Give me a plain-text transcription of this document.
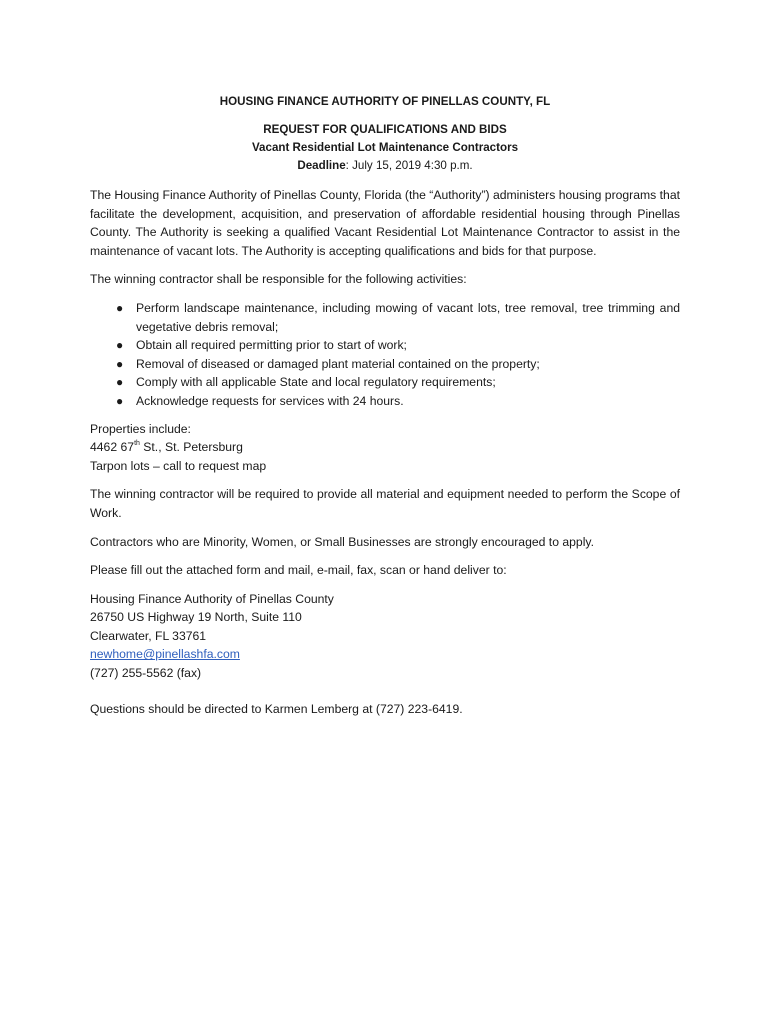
HOUSING FINANCE AUTHORITY OF PINELLAS COUNTY, FL

REQUEST FOR QUALIFICATIONS AND BIDS

Vacant Residential Lot Maintenance Contractors

Deadline: July 15, 2019 4:30 p.m.

The Housing Finance Authority of Pinellas County, Florida (the “Authority”) administers housing programs that facilitate the development, acquisition, and preservation of affordable residential housing through Pinellas County. The Authority is seeking a qualified Vacant Residential Lot Maintenance Contractor to assist in the maintenance of vacant lots. The Authority is accepting qualifications and bids for that purpose.

The winning contractor shall be responsible for the following activities:

● Perform landscape maintenance, including mowing of vacant lots, tree removal, tree trimming and vegetative debris removal;
● Obtain all required permitting prior to start of work;
● Removal of diseased or damaged plant material contained on the property;
● Comply with all applicable State and local regulatory requirements;
● Acknowledge requests for services with 24 hours.

Properties include:

4462 67th St., St. Petersburg

Tarpon lots – call to request map

The winning contractor will be required to provide all material and equipment needed to perform the Scope of Work.

Contractors who are Minority, Women, or Small Businesses are strongly encouraged to apply.

Please fill out the attached form and mail, e-mail, fax, scan or hand deliver to:

Housing Finance Authority of Pinellas County

26750 US Highway 19 North, Suite 110

Clearwater, FL 33761

newhome@pinellashfa.com

(727) 255-5562 (fax)

Questions should be directed to Karmen Lemberg at (727) 223-6419.
